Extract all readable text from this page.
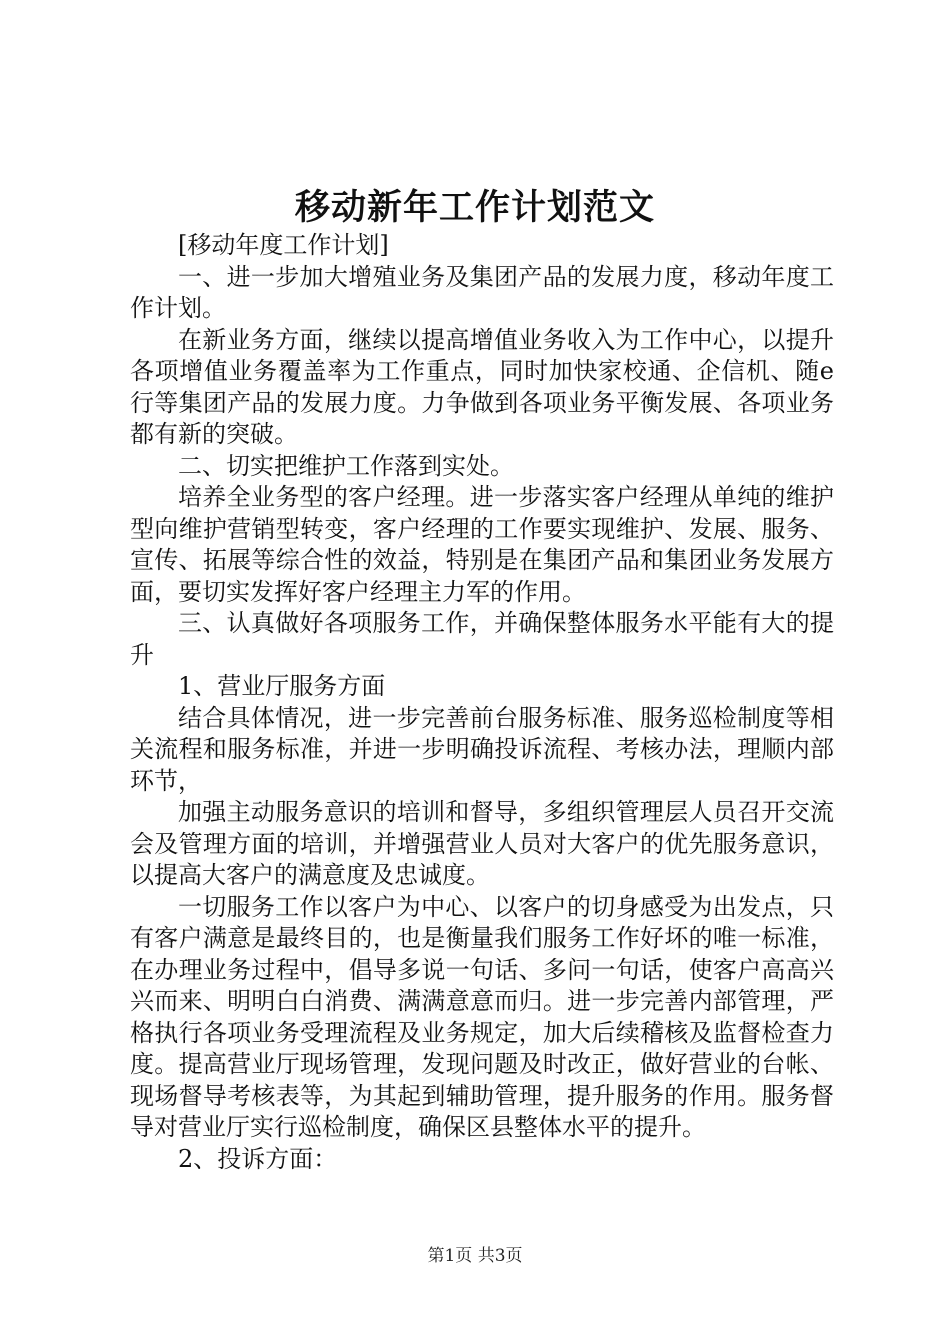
移动新年工作计划范文

[移动年度工作计划]

一、进一步加大增殖业务及集团产品的发展力度，移动年度工作计划。

在新业务方面，继续以提高增值业务收入为工作中心，以提升各项增值业务覆盖率为工作重点，同时加快家校通、企信机、随e行等集团产品的发展力度。力争做到各项业务平衡发展、各项业务都有新的突破。

二、切实把维护工作落到实处。

培养全业务型的客户经理。进一步落实客户经理从单纯的维护型向维护营销型转变，客户经理的工作要实现维护、发展、服务、宣传、拓展等综合性的效益，特别是在集团产品和集团业务发展方面，要切实发挥好客户经理主力军的作用。

三、认真做好各项服务工作，并确保整体服务水平能有大的提升

1、营业厅服务方面

结合具体情况，进一步完善前台服务标准、服务巡检制度等相关流程和服务标准，并进一步明确投诉流程、考核办法，理顺内部环节，

加强主动服务意识的培训和督导，多组织管理层人员召开交流会及管理方面的培训，并增强营业人员对大客户的优先服务意识，以提高大客户的满意度及忠诚度。

一切服务工作以客户为中心、以客户的切身感受为出发点，只有客户满意是最终目的，也是衡量我们服务工作好坏的唯一标准，在办理业务过程中，倡导多说一句话、多问一句话，使客户高高兴兴而来、明明白白消费、满满意意而归。进一步完善内部管理，严格执行各项业务受理流程及业务规定，加大后续稽核及监督检查力度。提高营业厅现场管理，发现问题及时改正，做好营业的台帐、现场督导考核表等，为其起到辅助管理，提升服务的作用。服务督导对营业厅实行巡检制度，确保区县整体水平的提升。

2、投诉方面：

第1页 共3页
